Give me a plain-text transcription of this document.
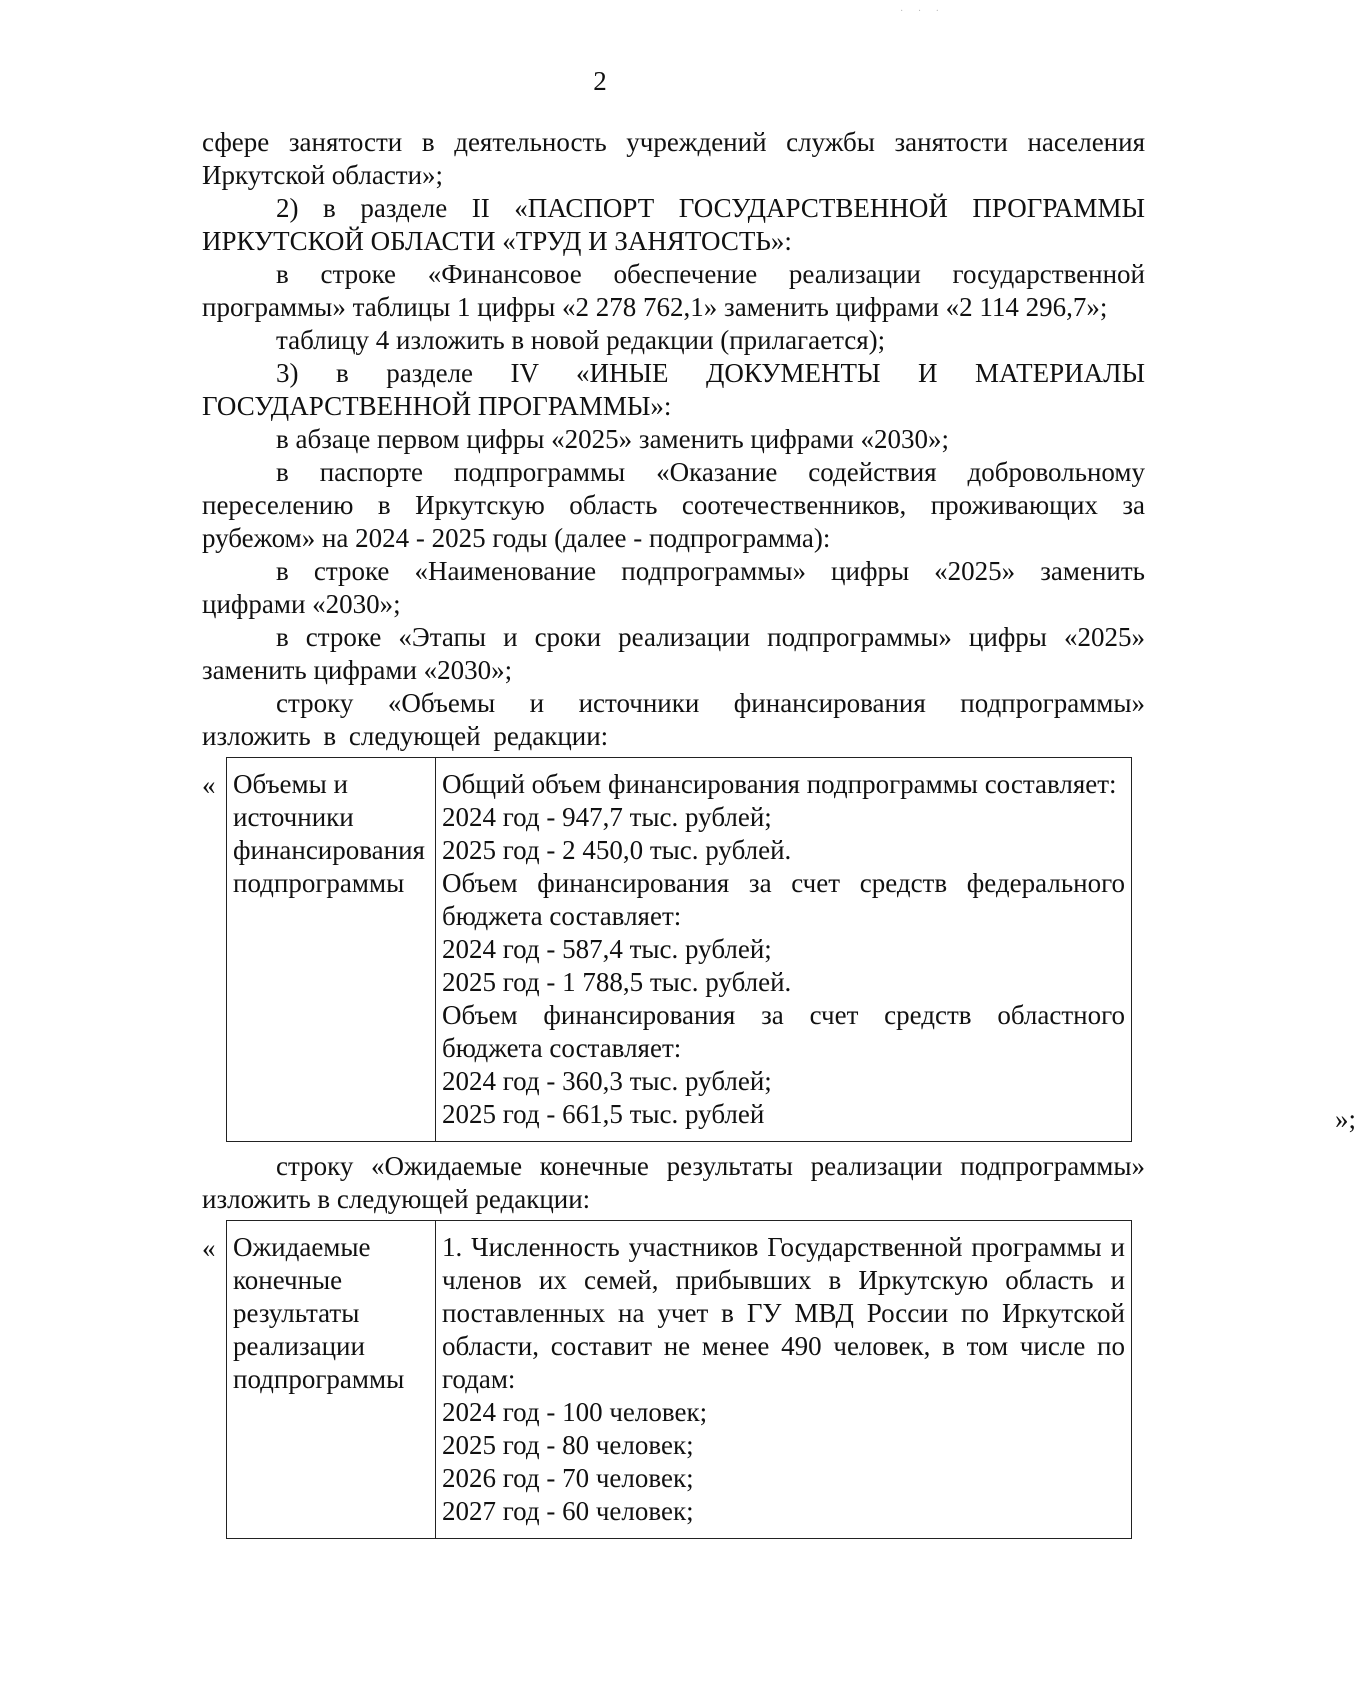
· · ·
2

сфере занятости в деятельность учреждений службы занятости населения Иркутской области»;

2) в разделе II «ПАСПОРТ ГОСУДАРСТВЕННОЙ ПРОГРАММЫ ИРКУТСКОЙ ОБЛАСТИ «ТРУД И ЗАНЯТОСТЬ»:

в строке «Финансовое обеспечение реализации государственной программы» таблицы 1 цифры «2 278 762,1» заменить цифрами «2 114 296,7»;

таблицу 4 изложить в новой редакции (прилагается);

3) в разделе IV «ИНЫЕ ДОКУМЕНТЫ И МАТЕРИАЛЫ ГОСУДАРСТВЕННОЙ ПРОГРАММЫ»:

в абзаце первом цифры «2025» заменить цифрами «2030»;

в паспорте подпрограммы «Оказание содействия добровольному переселению в Иркутскую область соотечественников, проживающих за рубежом» на 2024 - 2025 годы (далее - подпрограмма):

в строке «Наименование подпрограммы» цифры «2025» заменить цифрами «2030»;

в строке «Этапы и сроки реализации подпрограммы» цифры «2025» заменить цифрами «2030»;

строку «Объемы и источники финансирования подпрограммы» изложить в следующей редакции:

« Объемы и
источники
финансирования
подпрограммы

Общий объем финансирования подпрограммы составляет:
2024 год - 947,7 тыс. рублей;
2025 год - 2 450,0 тыс. рублей.
Объем финансирования за счет средств федерального бюджета составляет:
2024 год - 587,4 тыс. рублей;
2025 год - 1 788,5 тыс. рублей.
Объем финансирования за счет средств областного бюджета составляет:
2024 год - 360,3 тыс. рублей;
2025 год - 661,5 тыс. рублей	»;

строку «Ожидаемые конечные результаты реализации подпрограммы» изложить в следующей редакции:

« Ожидаемые
конечные
результаты
реализации
подпрограммы

1. Численность участников Государственной программы и членов их семей, прибывших в Иркутскую область и поставленных на учет в ГУ МВД России по Иркутской области, составит не менее 490 человек, в том числе по годам:
2024 год - 100 человек;
2025 год - 80 человек;
2026 год - 70 человек;
2027 год - 60 человек;
